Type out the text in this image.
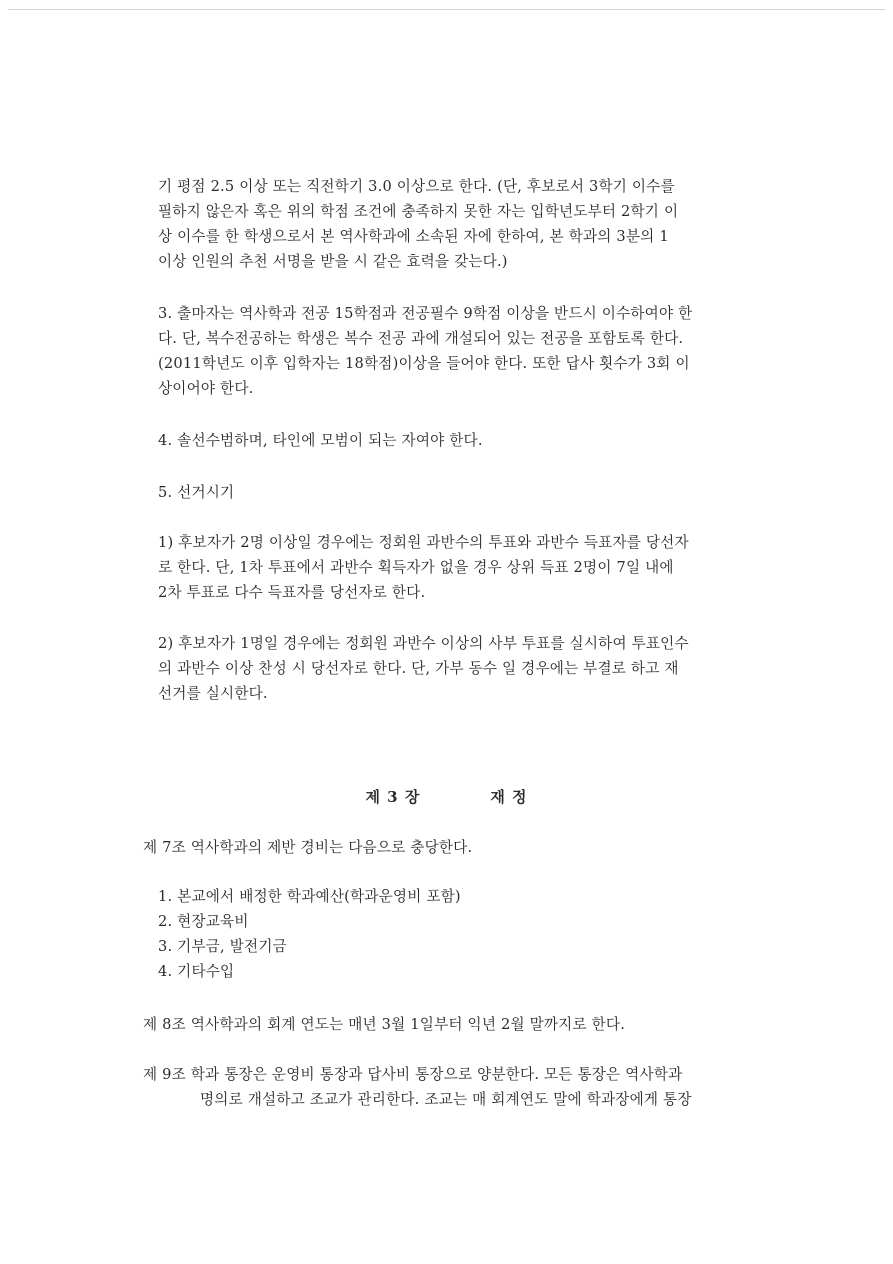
기 평점 2.5 이상 또는 직전학기 3.0 이상으로 한다. (단, 후보로서 3학기 이수를
필하지 않은자 혹은 위의 학점 조건에 충족하지 못한 자는 입학년도부터 2학기 이
상 이수를 한 학생으로서 본 역사학과에 소속된 자에 한하여, 본 학과의 3분의 1
이상 인원의 추천 서명을 받을 시 같은 효력을 갖는다.)

3. 출마자는 역사학과 전공 15학점과 전공필수 9학점 이상을 반드시 이수하여야 한
다. 단, 복수전공하는 학생은 복수 전공 과에 개설되어 있는 전공을 포함토록 한다.
(2011학년도 이후 입학자는 18학점)이상을 들어야 한다. 또한 답사 횟수가 3회 이
상이어야 한다.

4. 솔선수범하며, 타인에 모범이 되는 자여야 한다.

5. 선거시기

1) 후보자가 2명 이상일 경우에는 정회원 과반수의 투표와 과반수 득표자를 당선자
로 한다. 단, 1차 투표에서 과반수 획득자가 없을 경우 상위 득표 2명이 7일 내에
2차 투표로 다수 득표자를 당선자로 한다.

2) 후보자가 1명일 경우에는 정회원 과반수 이상의 사부 투표를 실시하여 투표인수
의 과반수 이상 찬성 시 당선자로 한다. 단, 가부 동수 일 경우에는 부결로 하고 재
선거를 실시한다.

제 3 장	재 정

제 7조 역사학과의 제반 경비는 다음으로 충당한다.

1. 본교에서 배정한 학과예산(학과운영비 포함)
2. 현장교육비
3. 기부금, 발전기금
4. 기타수입

제 8조 역사학과의 회계 연도는 매년 3월 1일부터 익년 2월 말까지로 한다.

제 9조 학과 통장은 운영비 통장과 답사비 통장으로 양분한다. 모든 통장은 역사학과
명의로 개설하고 조교가 관리한다. 조교는 매 회계연도 말에 학과장에게 통장
